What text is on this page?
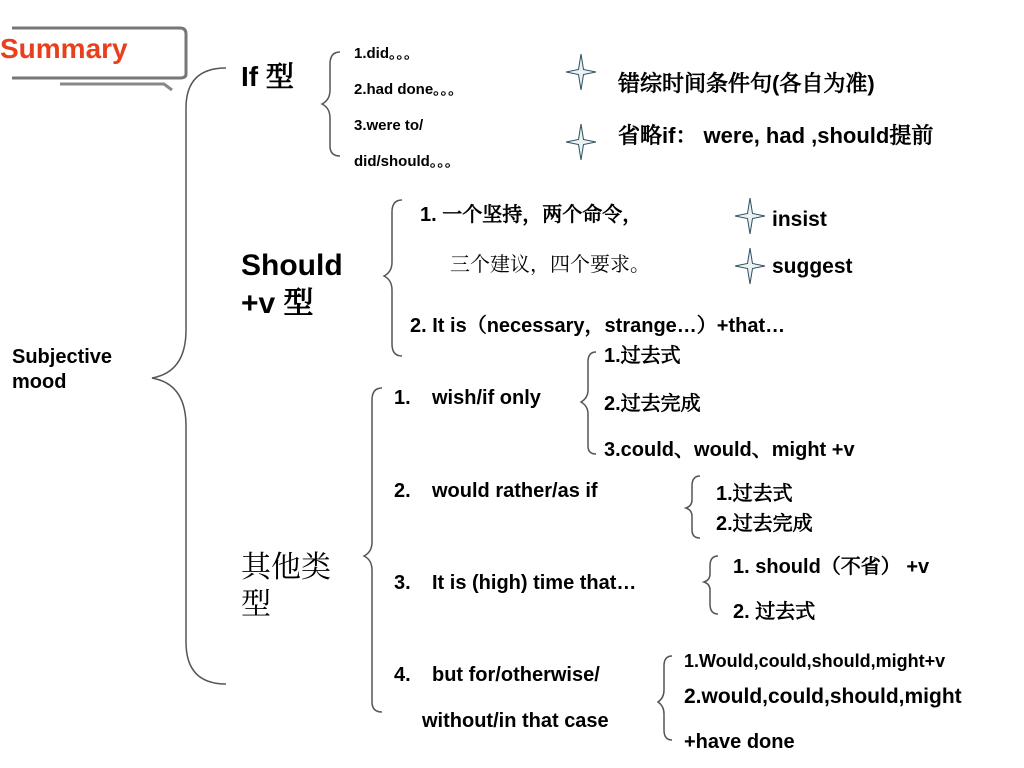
Summary
Subjective
mood
If 型
1.did。。。
2.had done。。。
3.were to/
did/should。。。
错综时间条件句(各自为准)
省略if： were, had ,should提前
Should
+v 型
1. 一个坚持，两个命令，
三个建议，四个要求。
2. It is（necessary，strange…）+that…
insist
suggest
其他类
型
1. wish/if only
1.过去式
2.过去完成
3.could、would、might +v
2. would rather/as if	1.过去式
2.过去完成
3. It is (high) time that…
1. should（不省） +v
2. 过去式
4. but for/otherwise/
without/in that case
1.Would,could,should,might+v
2.would,could,should,might
+have done
